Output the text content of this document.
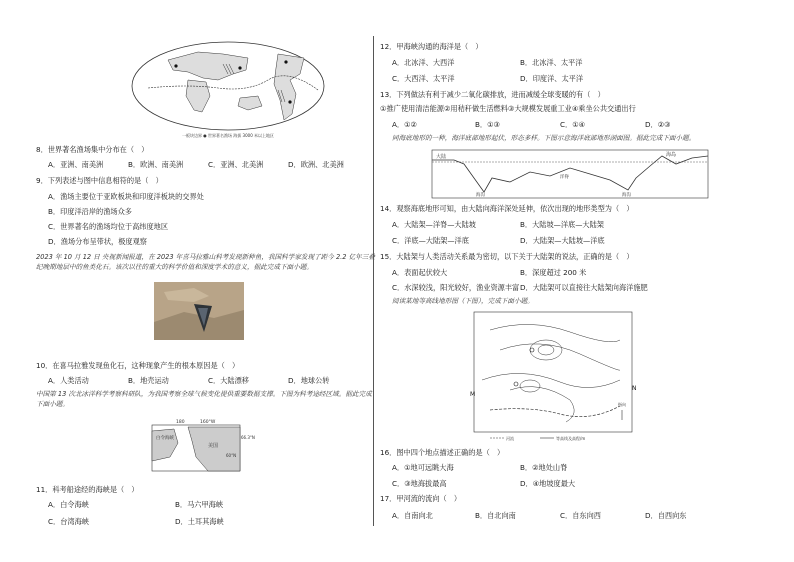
一板块边界 ● 世界著名渔场 海拔 3000 米以上地区
8．世界著名渔场集中分布在（　）
A．亚洲、南美洲	B．欧洲、南美洲	C．亚洲、北美洲	D．欧洲、北美洲
9．下列表述与图中信息相符的是（　）
A．渔场主要位于亚欧板块和印度洋板块的交界处
B．印度洋沿岸的渔场众多
C．世界著名的渔场均位于高纬度地区
D．渔场分布呈带状，极度观察
2023 年 10 月 12 日 央视新闻报道，在 2023 年喜马拉雅山科考发现新种鱼，我国科学家发现了距今 2.2 亿年三叠纪晚期地层中的鱼类化石。该次以往的重大的科学价值和深度学术的意义，据此完成下面小题。
10．在喜马拉雅发现鱼化石，这种现象产生的根本原因是（　）
A．人类活动	B．地壳运动	C．大陆漂移	D．地球公转
中国第 13 次北冰洋科学考察科研队，为我国考察全球气候变化提供重要数据支撑。下图为科考途经区域。据此完成下面小题。
180	160°W
66.3°N
60°N
白令海峡
美国
11．科考船途经的海峡是（　）
A．白令海峡	B．马六甲海峡
C．台湾海峡	D．土耳其海峡
12．甲海峡沟通的海洋是（　）
A．北冰洋、大西洋	B．北冰洋、太平洋
C．大西洋、太平洋	D．印度洋、太平洋
13．下列做法有利于减少二氧化碳排放，进而减缓全球变暖的有（　）
①推广使用清洁能源②用秸秆做生活燃料③大规模发展重工业④乘坐公共交通出行
A．①②	B．①③	C．①④	D．②③
同海底地形的一种，海洋底部地形起伏，形态多样。下图示意海洋底部地形剖面图。据此完成下面小题。
大陆	海岛
海沟
洋脊
海沟
14．观察海底地形可知，由大陆向海洋深处延伸，依次出现的地形类型为（　）
A．大陆架—洋脊—大陆坡	B．大陆坡—洋底—大陆架
C．洋底—大陆架—洋底	D．大陆架—大陆坡—洋底
15．大陆架与人类活动关系最为密切，以下关于大陆架的说法，正确的是（　）
A．表面起伏较大	B．深度超过 200 米
C．水深较浅，阳光较好，渔业资源丰富 D．大陆架可以直接往大陆架向海洋施肥
阅读某地等高线地形图（下图），完成下面小题。
M
N
指向
河流	等高线及高程/m
16．图中四个地点描述正确的是（　）
A．①地可远眺大海	B．②地处山脊
C．③地海拔最高	D．④地坡度最大
17．甲河流的流向（　）
A．自南向北	B．自北向南	C．自东向西	D．自西向东
